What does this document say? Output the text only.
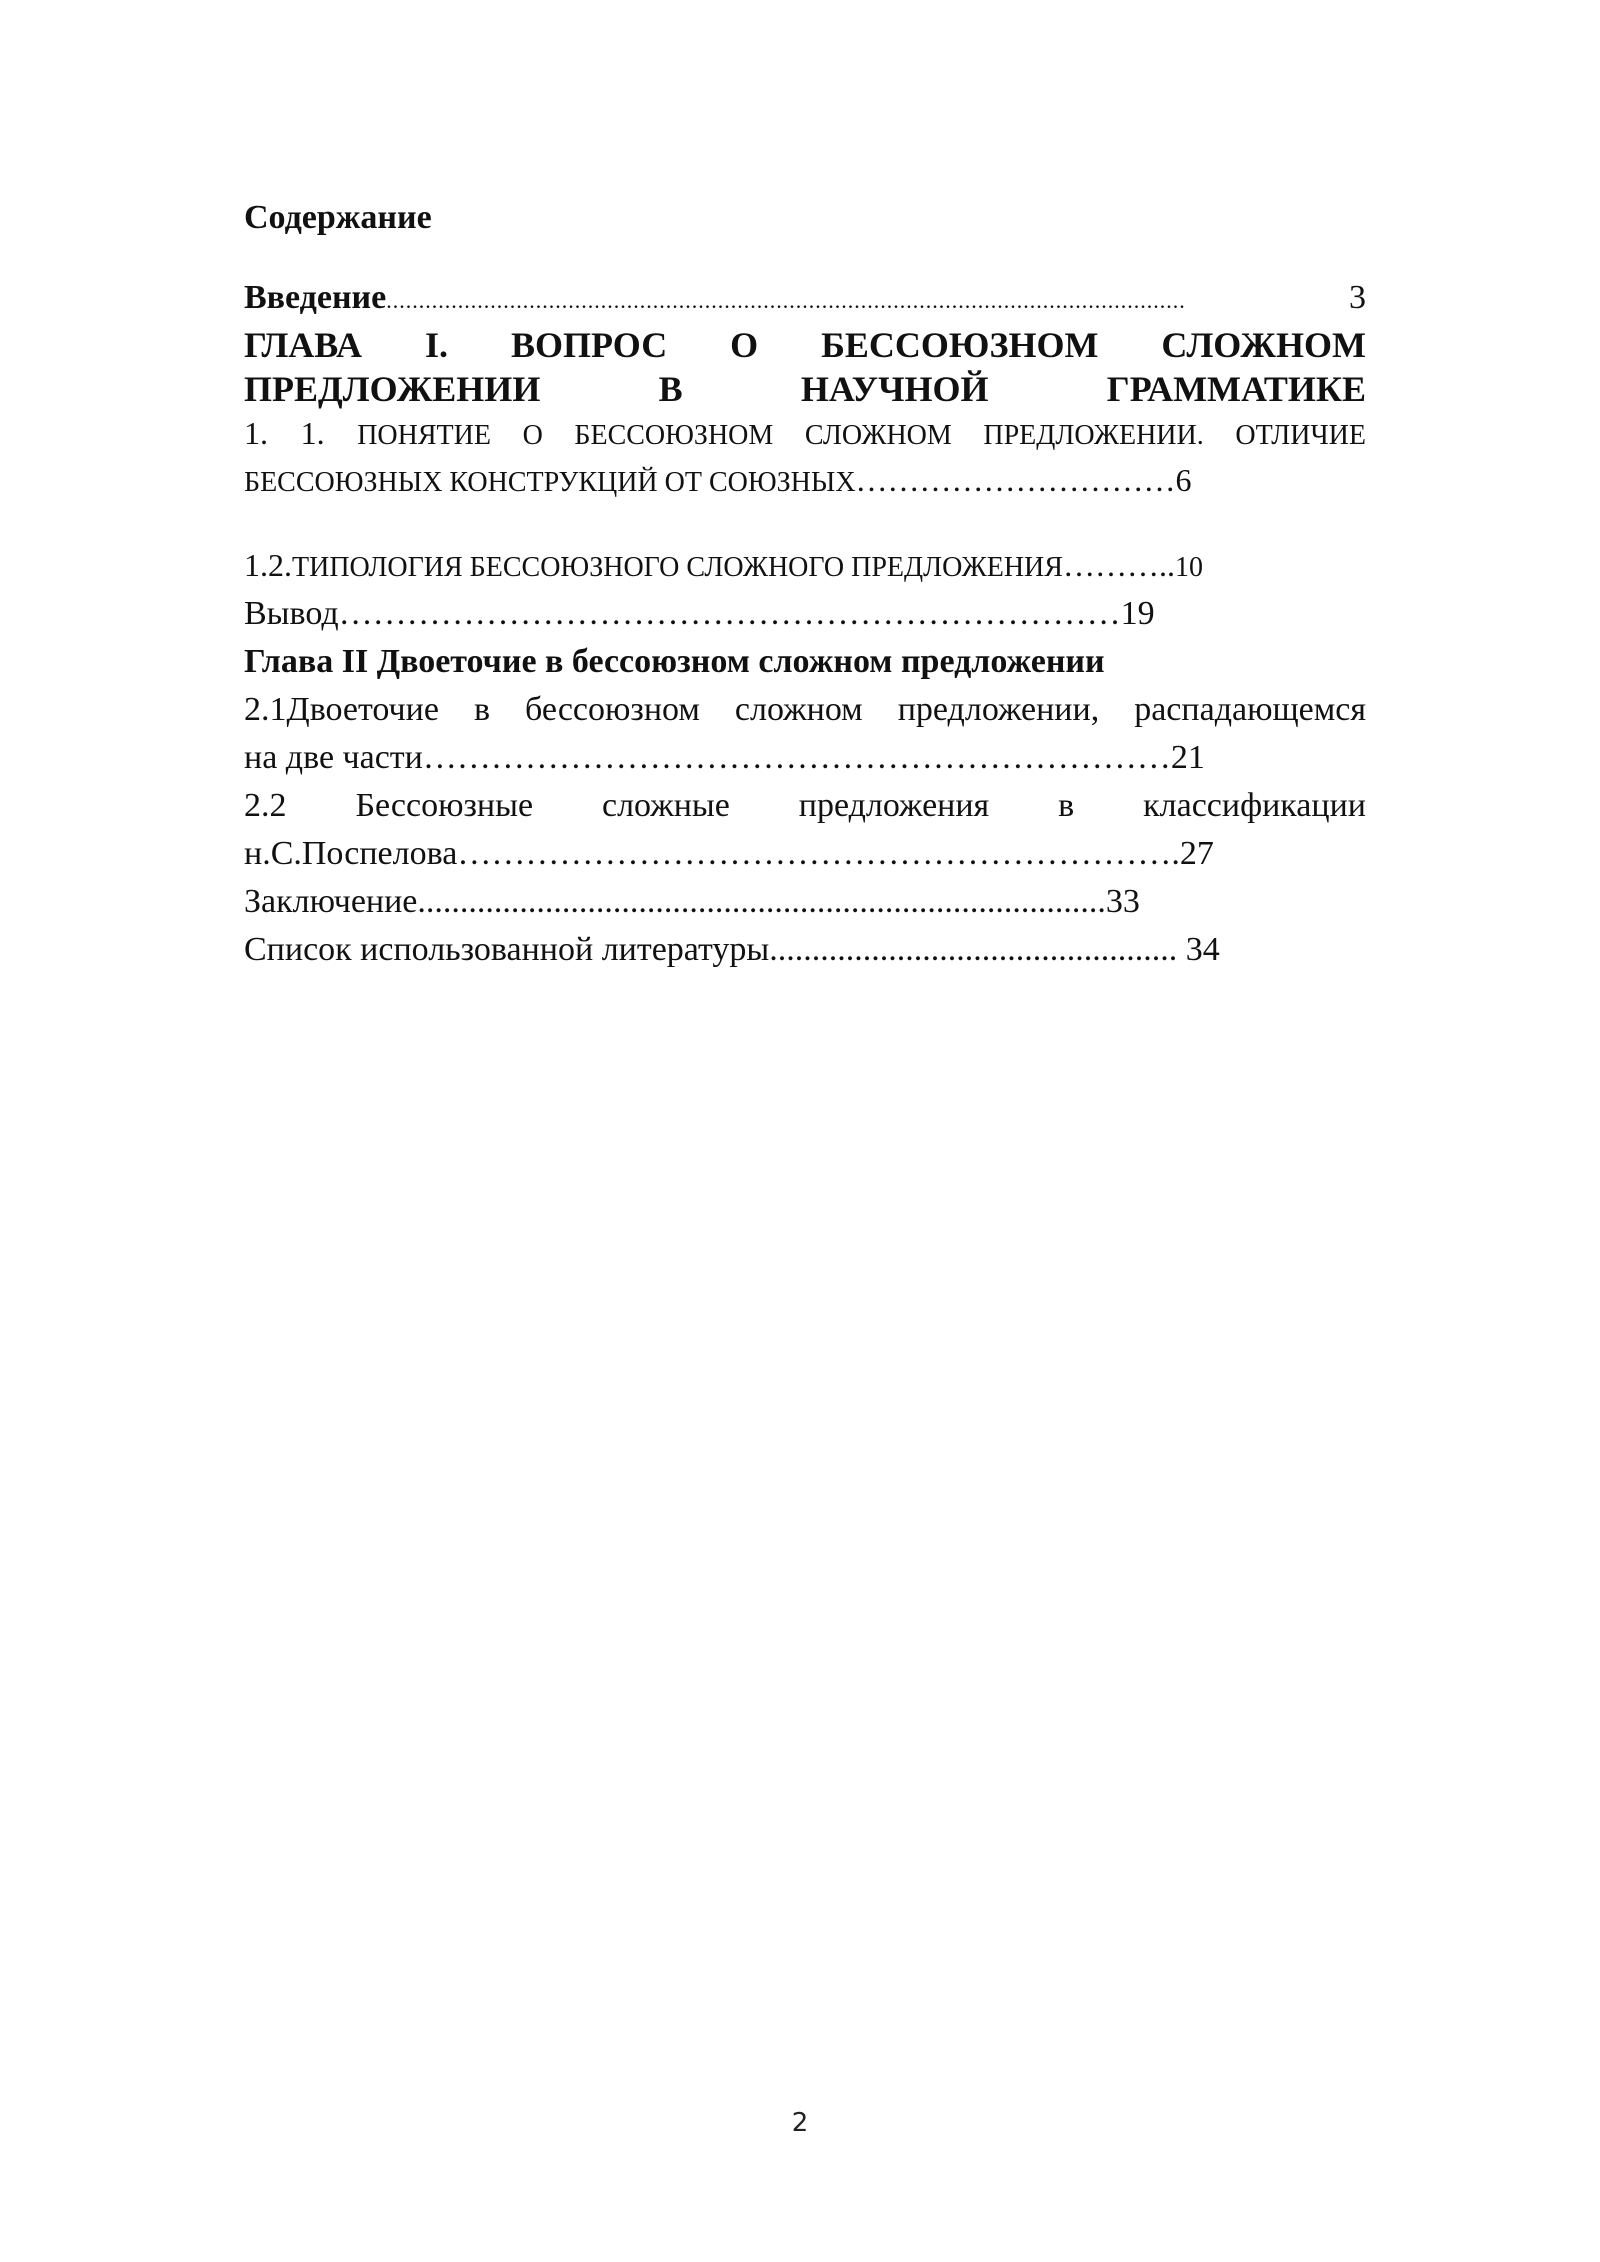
Содержание

Введение ...........................................................................................................................	3

ГЛАВА I. ВОПРОС О БЕССОЮЗНОМ СЛОЖНОМ
ПРЕДЛОЖЕНИИ В НАУЧНОЙ ГРАММАТИКЕ

1. 1. ПОНЯТИЕ О БЕССОЮЗНОМ СЛОЖНОМ ПРЕДЛОЖЕНИИ. ОТЛИЧИЕ
БЕССОЮЗНЫХ КОНСТРУКЦИЙ ОТ СОЮЗНЫХ…………………………6

1.2.ТИПОЛОГИЯ БЕССОЮЗНОГО СЛОЖНОГО ПРЕДЛОЖЕНИЯ………..10

Вывод……………………………………………………………19

Глава II Двоеточие в бессоюзном сложном предложении

2.1Двоеточие в бессоюзном сложном предложении, распадающемся
на две части…………………………………………………………21

2.2 Бессоюзные сложные предложения в классификации
н.С.Поспелова……………………………………………………….27

Заключение.................................................................................33

Список использованной литературы................................................ 34

2
